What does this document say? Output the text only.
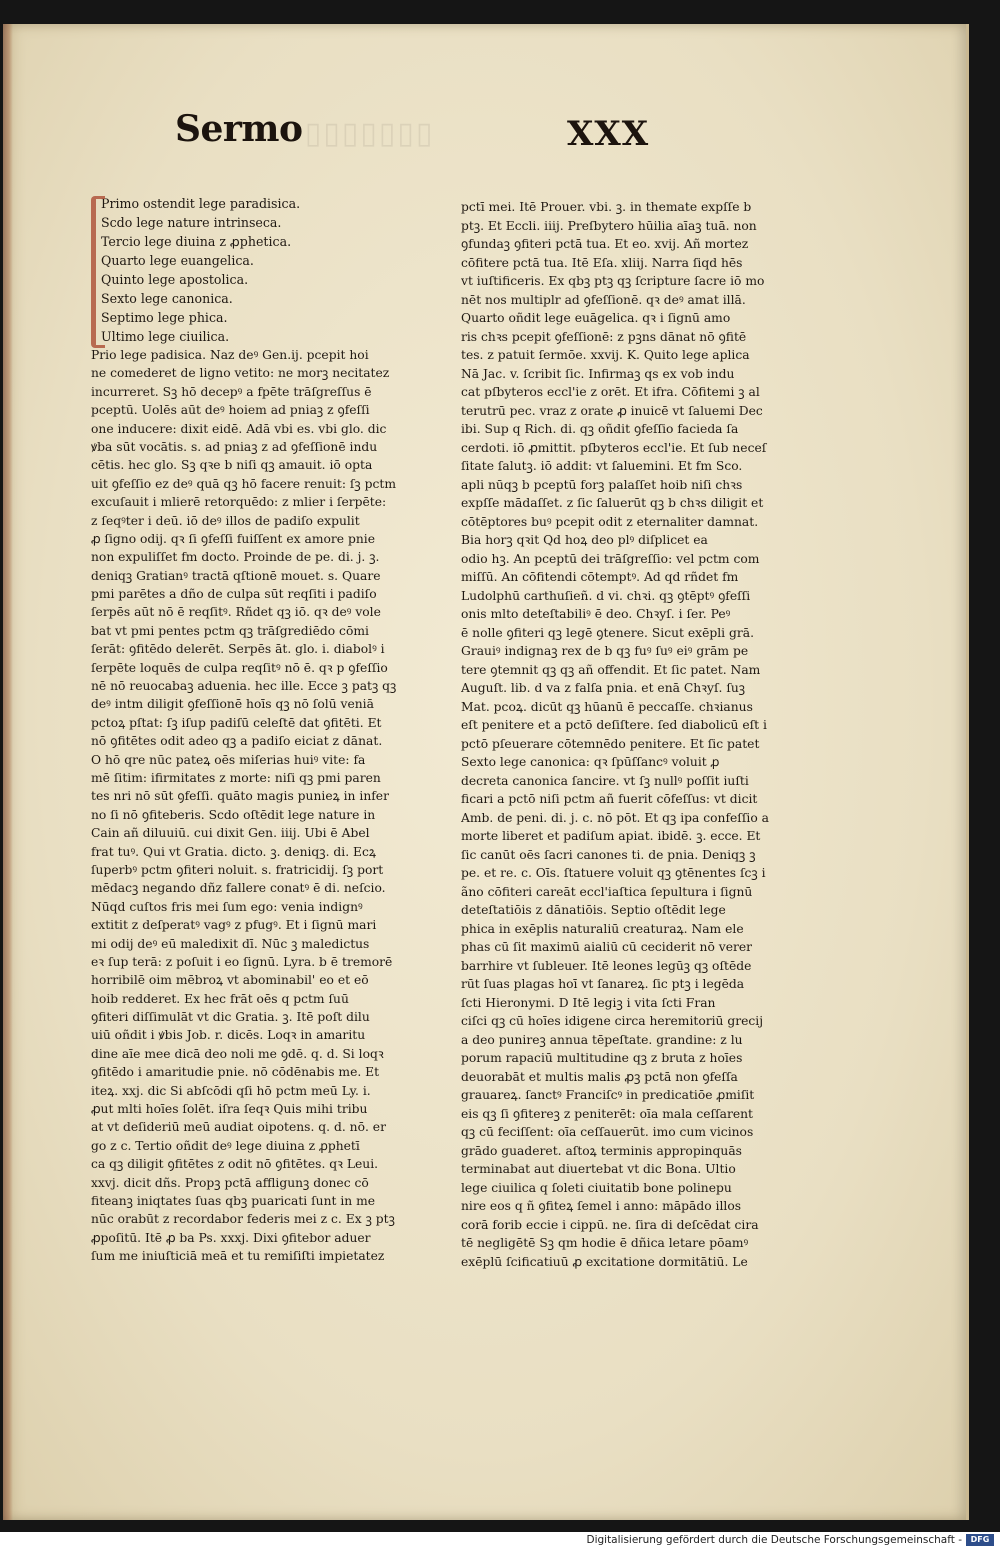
▯▯▯▯▯▯▯
Sermo	XXX
Primo ostendit lege paradisica.
Scdo lege nature intrinseca.
Tercio lege diuina z ꝓphetica.
Quarto lege euangelica.
Quinto lege apostolica.
Sexto lege canonica.
Septimo lege phica.
Ultimo lege ciuilica.
Prio lege padisica. Naz deꝰ Gen.ij. pcepit hoi
ne comederet de ligno vetito: ne morꝫ necitatez
incurreret. Sꝫ hō decepꝰ a fpēte trāſgreſſus ē
pceptū. Uolēs aūt deꝰ hoiem ad pniaꝫ z ꝯfeſſi
one inducere: dixit eidē. Adā vbi es. vbi glo. dic
ꝟba sūt vocātis. s. ad pniaꝫ z ad ꝯfeſſionē indu
cētis. hec glo. Sꝫ qꝛe b niſi qꝫ amauit. iō opta
uit ꝯfeſſio ez deꝰ quā qꝫ hō facere renuit: ſꝫ pctm
excuſauit i mlierē retorquēdo: z mlier i ſerpēte:
z ſeqꝰter i deū. iō deꝰ illos de padiſo expulit
ꝓ ſigno odij. qꝛ ſi ꝯfeſſi fuiſſent ex amore pnie
non expuliſſet fm docto. Proinde de pe. di. j. ꝫ.
deniqꝫ Gratianꝰ tractā qſtionē mouet. s. Quare
pmi parētes a dño de culpa sūt reqſiti i padiſo
ſerpēs aūt nō ē reqſitꝰ. Rñdet qꝫ iō. qꝛ deꝰ vole
bat vt pmi pentes pctm qꝫ trāſgrediēdo cōmi
ſerāt: ꝯfitēdo delerēt. Serpēs āt. glo. i. diabolꝰ i
ſerpēte loquēs de culpa reqſitꝰ nō ē. qꝛ p ꝯfeſſio
nē nō reuocabaꝫ aduenia. hec ille. Ecce ꝫ patꝫ qꝫ
deꝰ intm diligit ꝯfeſſionē hoīs qꝫ nō ſolū veniā
pctoꝝ pſtat: ſꝫ iſup padiſū celeſtē dat ꝯfitēti. Et
nō ꝯfitētes odit adeo qꝫ a padiſo eiciat z dānat.
O hō qre nūc pateꝝ oēs miſerias huiꝰ vite: fa
mē ſitim: ifirmitates z morte: niſi qꝫ pmi paren
tes nri nō sūt ꝯfeſſi. quāto magis punieꝝ in infer
no ſi nō ꝯfiteberis. Scdo oſtēdit lege nature in
Cain añ diluuiū. cui dixit Gen. iiij. Ubi ē Abel
frat tuꝰ. Qui vt Gratia. dicto. ꝫ. deniqꝫ. di. Ecꝝ
ſuperbꝰ pctm ꝯfiteri noluit. s. fratricidij. ſꝫ port
mēdacꝫ negando dñz fallere conatꝰ ē di. neſcio.
Nūqd cuſtos fris mei ſum ego: venia indignꝰ
extitit z deſperatꝰ vagꝰ z pfugꝰ. Et i ſignū mari
mi odij deꝰ eū maledixit dī. Nūc ꝫ maledictus
eꝛ ſup terā: z poſuit i eo ſignū. Lyra. b ē tremorē
horribilē oim mēbroꝝ vt abominabil' eo et eō
hoib redderet. Ex hec frāt oēs q pctm ſuū
ꝯfiteri diſſimulāt vt dic Gratia. ꝫ. Itē poſt dilu
uiū oñdit i ꝟbis Job. r. dicēs. Loqꝛ in amaritu
dine aīe mee dicā deo noli me ꝯdē. q. d. Si loqꝛ
ꝯfitēdo i amaritudie pnie. nō cōdēnabis me. Et
iteꝝ. xxj. dic Si abſcōdi qſi hō pctm meū Ly. i.
ꝓut mlti hoīes ſolēt. iſra ſeqꝛ Quis mihi tribu
at vt deſideriū meū audiat oipotens. q. d. nō. er
go z c. Tertio oñdit deꝰ lege diuina z ꝓphetī
ca qꝫ diligit ꝯfitētes z odit nō ꝯfitētes. qꝛ Leui.
xxvj. dicit dñs. Propꝫ pctā affligunꝫ donec cō
fiteanꝫ iniqtates ſuas qbꝫ puaricati ſunt in me
nūc orabūt z recordabor federis mei z c. Ex ꝫ ptꝫ
ꝓpoſitū. Itē ꝓ ba Ps. xxxj. Dixi ꝯfitebor aduer
ſum me iniuſticiā meā et tu remiſiſti impietatez
pctī mei. Itē Prouer. vbi. ꝫ. in themate expſſe b
ptꝫ. Et Eccli. iiij. Preſbytero hūilia aīaꝫ tuā. non
ꝯfundaꝫ ꝯfiteri pctā tua. Et eo. xvij. Añ mortez
cōfitere pctā tua. Itē Eſa. xliij. Narra ſiqd hēs
vt iuſtificeris. Ex qbꝫ ptꝫ qꝫ ſcripture ſacre iō mo
nēt nos multiplr ad ꝯfeſſionē. qꝛ deꝰ amat illā.
Quarto oñdit lege euāgelica. qꝛ i ſignū amo
ris chꝛs pcepit ꝯfeſſionē: z pꝫns dānat nō ꝯfitē
tes. z patuit ſermōe. xxvij. K. Quito lege aplica
Nā Jac. v. ſcribit ſic. Infirmaꝫ qs ex vob indu
cat pſbyteros eccl'ie z orēt. Et ifra. Cōfitemi ꝫ al
terutrū pec. vraz z orate ꝓ inuicē vt ſaluemi Dec
ibi. Sup q Rich. di. qꝫ oñdit ꝯfeſſio facieda ſa
cerdoti. iō ꝓmittit. pſbyteros eccl'ie. Et ſub neceſ
ſitate ſalutꝫ. iō addit: vt ſaluemini. Et fm Sco.
apli nūqꝫ b pceptū forꝫ palaſſet hoib niſi chꝛs
expſſe mādaſſet. z ſic ſaluerūt qꝫ b chꝛs diligit et
cōtēptores buꝰ pcepit odit z eternaliter damnat.
Bia horꝫ qꝛit Qd hoꝝ deo plꝰ diſplicet ea
odio hꝫ. An pceptū dei trāſgreſſio: vel pctm com
miſſū. An cōfitendi cōtemptꝰ. Ad qd rñdet fm
Ludolphū carthuſieñ. d vi. chꝛi. qꝫ ꝯtēptꝰ ꝯfeſſi
onis mlto deteſtabiliꝰ ē deo. Chꝛyſ. i ſer. Peꝰ
ē nolle ꝯfiteri qꝫ legē ꝯtenere. Sicut exēpli grā.
Grauiꝰ indignaꝫ rex de b qꝫ fuꝰ ſuꝰ eiꝰ grām pe
tere ꝯtemnit qꝫ qꝫ añ offendit. Et ſic patet. Nam
Auguſt. lib. d va z falſa pnia. et enā Chꝛyſ. ſuꝫ
Mat. pcoꝝ. dicūt qꝫ hūanū ē peccaſſe. chꝛianus
eſt penitere et a pctō deſiſtere. ſed diabolicū eſt i
pctō pſeuerare cōtemnēdo penitere. Et ſic patet
Sexto lege canonica: qꝛ ſpūſſancꝰ voluit ꝓ
decreta canonica ſancire. vt ſꝫ nullꝰ poſſit iuſti
ficari a pctō niſi pctm añ fuerit cōfeſſus: vt dicit
Amb. de peni. di. j. c. nō pōt. Et qꝫ ipa confeſſio a
morte liberet et padiſum apiat. ibidē. ꝫ. ecce. Et
ſic canūt oēs ſacri canones ti. de pnia. Deniqꝫ ꝫ
pe. et re. c. Oīs. ſtatuere voluit qꝫ ꝯtēnentes ſcꝫ i
ãno cōfiteri careāt eccl'iaſtica ſepultura i ſignū
deteſtatiōis z dānatiōis. Septio oſtēdit lege
phica in exēplis naturaliū creaturaꝝ. Nam ele
phas cū ſit maximū aialiū cū ceciderit nō verer
barrhire vt ſubleuer. Itē leones legūꝫ qꝫ oſtēde
rūt ſuas plagas hoī vt ſanareꝝ. ſic ptꝫ i legēda
ſcti Hieronymi. D Itē legiꝫ i vita ſcti Fran
ciſci qꝫ cū hoīes idigene circa heremitoriū grecij
a deo punireꝫ annua tēpeſtate. grandine: z lu
porum rapaciū multitudine qꝫ z bruta z hoīes
deuorabāt et multis malis ꝓꝫ pctā non ꝯfeſſa
grauareꝝ. ſanctꝰ Franciſcꝰ in predicatiōe ꝓmiſit
eis qꝫ ſi ꝯfitereꝫ z peniterēt: oīa mala ceſſarent
qꝫ cū feciſſent: oīa ceſſauerūt. imo cum vicinos
grādo guaderet. aſtoꝝ terminis appropinquās
terminabat aut diuertebat vt dic Bona. Ultio
lege ciuilica q ſoleti ciuitatib bone polinepu
nire eos q ñ ꝯfiteꝝ ſemel i anno: māpādo illos
corā forib eccie i cippū. ne. ſira di deſcēdat cira
tē negligētē Sꝫ qm hodie ē dñica letare pōamꝰ
exēplū ſcificatiuū ꝓ excitatione dormitātiū. Le
Digitalisierung gefördert durch die Deutsche Forschungsgemeinschaft -	DFG
